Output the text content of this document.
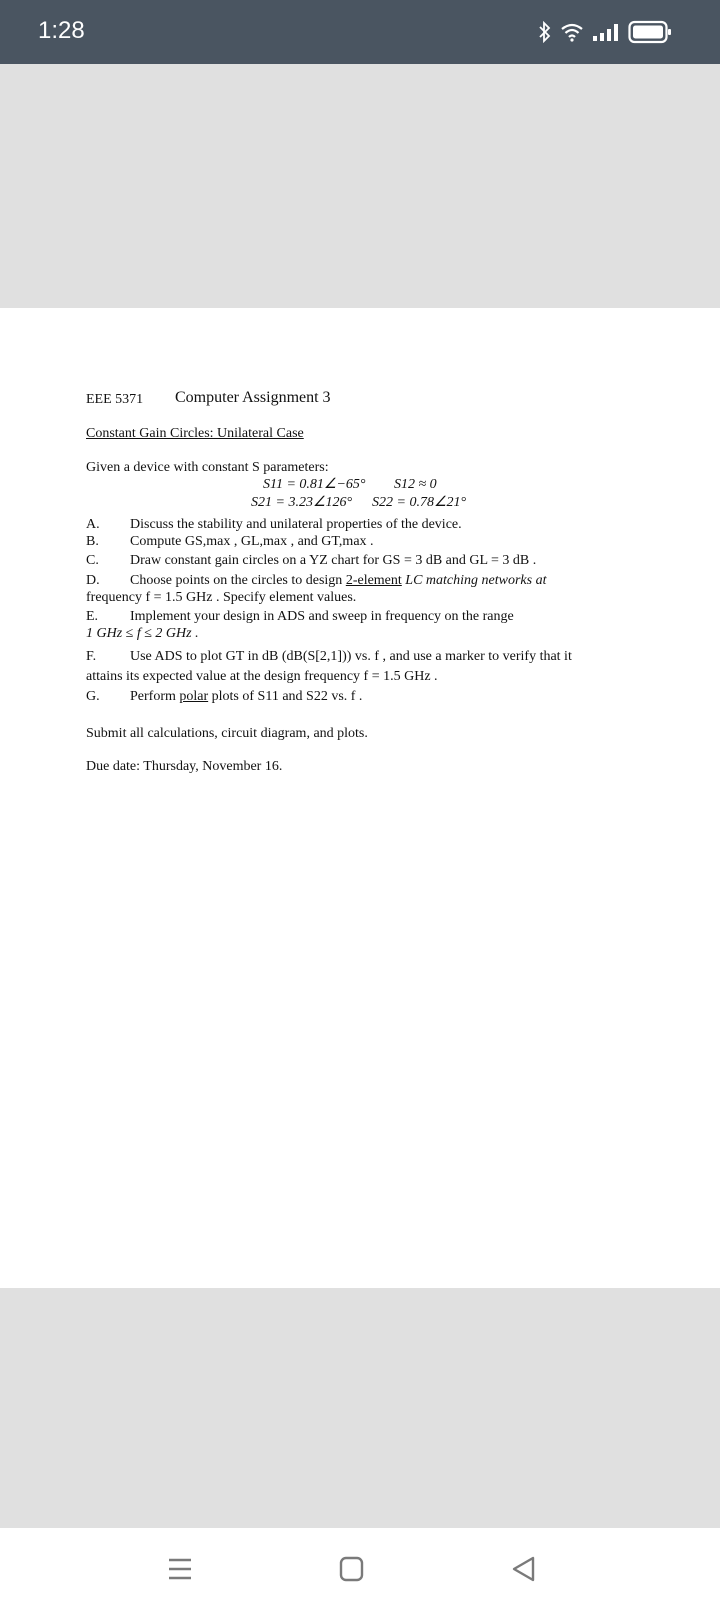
1:28
EEE 5371 Computer Assignment 3
Constant Gain Circles: Unilateral Case
Given a device with constant S parameters:
S11 = 0.81∠−65° S12 ≈ 0
S21 = 3.23∠126° S22 = 0.78∠21°
A. Discuss the stability and unilateral properties of the device.
B. Compute GS,max , GL,max , and GT,max .
C. Draw constant gain circles on a YZ chart for GS = 3 dB and GL = 3 dB .
D. Choose points on the circles to design 2-element LC matching networks at
frequency f = 1.5 GHz . Specify element values.
E. Implement your design in ADS and sweep in frequency on the range
1 GHz ≤ f ≤ 2 GHz .
F. Use ADS to plot GT in dB (dB(S[2,1])) vs. f , and use a marker to verify that it
attains its expected value at the design frequency f = 1.5 GHz .
G. Perform polar plots of S11 and S22 vs. f .
Submit all calculations, circuit diagram, and plots.
Due date: Thursday, November 16.
